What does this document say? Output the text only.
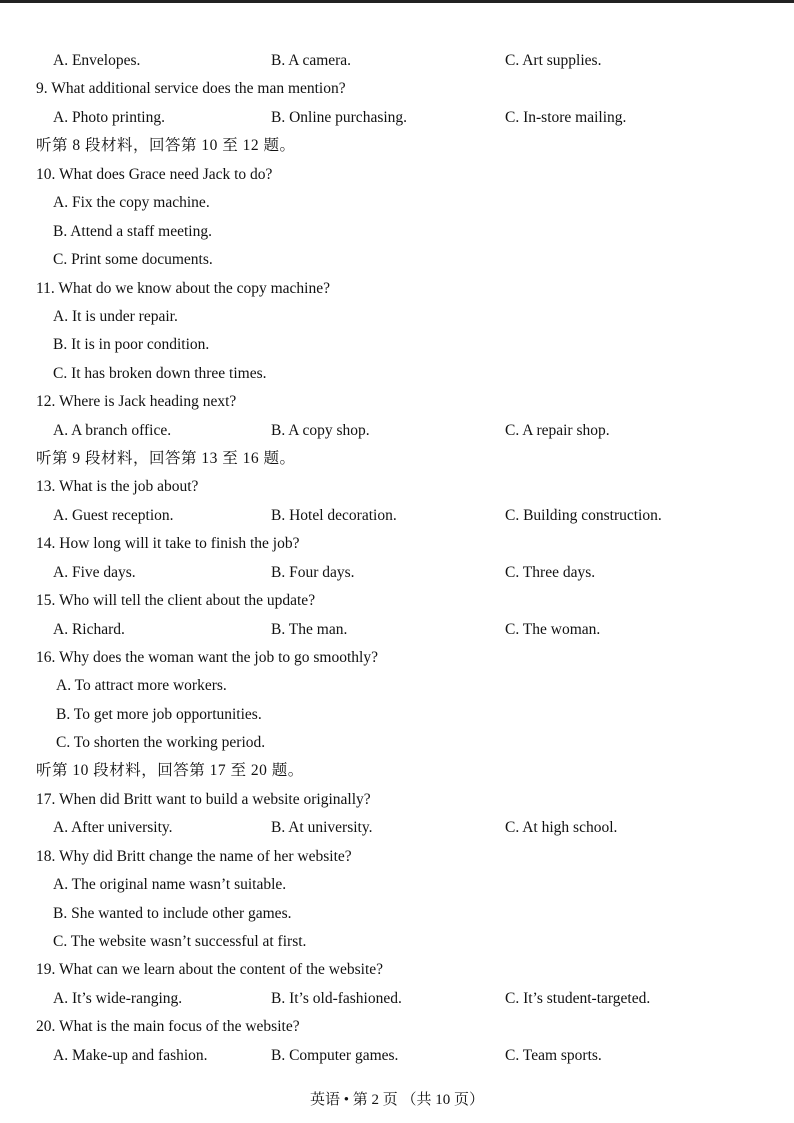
A. Envelopes.	B. A camera.	C. Art supplies.
9. What additional service does the man mention?
A. Photo printing.	B. Online purchasing.	C. In-store mailing.
听第 8 段材料，回答第 10 至 12 题。
10. What does Grace need Jack to do?
A. Fix the copy machine.
B. Attend a staff meeting.
C. Print some documents.
11. What do we know about the copy machine?
A. It is under repair.
B. It is in poor condition.
C. It has broken down three times.
12. Where is Jack heading next?
A. A branch office.	B. A copy shop.	C. A repair shop.
听第 9 段材料，回答第 13 至 16 题。
13. What is the job about?
A. Guest reception.	B. Hotel decoration.	C. Building construction.
14. How long will it take to finish the job?
A. Five days.	B. Four days.	C. Three days.
15. Who will tell the client about the update?
A. Richard.	B. The man.	C. The woman.
16. Why does the woman want the job to go smoothly?
A. To attract more workers.
B. To get more job opportunities.
C. To shorten the working period.
听第 10 段材料，回答第 17 至 20 题。
17. When did Britt want to build a website originally?
A. After university.	B. At university.	C. At high school.
18. Why did Britt change the name of her website?
A. The original name wasn’t suitable.
B. She wanted to include other games.
C. The website wasn’t successful at first.
19. What can we learn about the content of the website?
A. It’s wide-ranging.	B. It’s old-fashioned.	C. It’s student-targeted.
20. What is the main focus of the website?
A. Make-up and fashion.	B. Computer games.	C. Team sports.
英语 • 第 2 页 （共 10 页）
